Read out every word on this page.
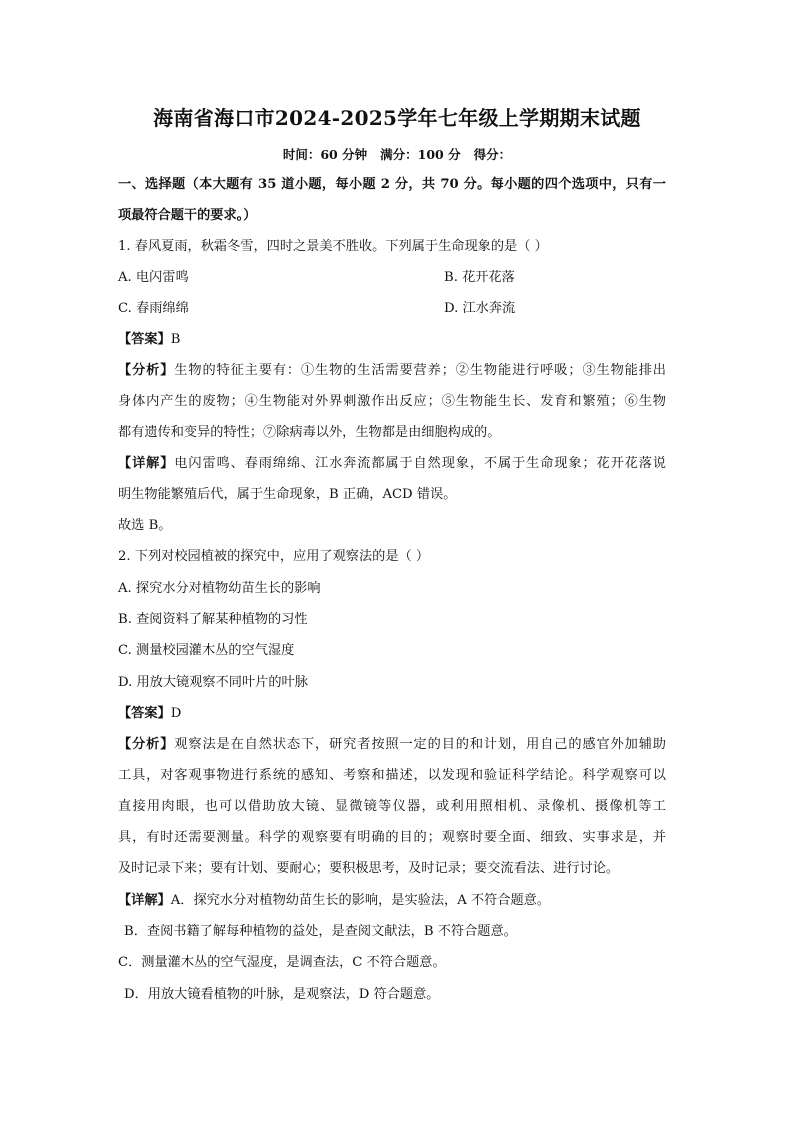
海南省海口市2024-2025学年七年级上学期期末试题
时间：60 分钟   满分：100 分   得分：
一、选择题（本大题有 35 道小题，每小题 2 分，共 70 分。每小题的四个选项中，只有一
项最符合题干的要求。）
1. 春风夏雨，秋霜冬雪，四时之景美不胜收。下列属于生命现象的是（ ）
A. 电闪雷鸣	B. 花开花落
C. 春雨绵绵	D. 江水奔流
【答案】B
【分析】生物的特征主要有：①生物的生活需要营养；②生物能进行呼吸；③生物能排出
身体内产生的废物；④生物能对外界刺激作出反应；⑤生物能生长、发育和繁殖；⑥生物
都有遗传和变异的特性；⑦除病毒以外，生物都是由细胞构成的。
【详解】电闪雷鸣、春雨绵绵、江水奔流都属于自然现象，不属于生命现象；花开花落说
明生物能繁殖后代，属于生命现象，B 正确，ACD 错误。
故选 B。
2. 下列对校园植被的探究中，应用了观察法的是（ ）
A. 探究水分对植物幼苗生长的影响
B. 查阅资料了解某种植物的习性
C. 测量校园灌木丛的空气湿度
D. 用放大镜观察不同叶片的叶脉
【答案】D
【分析】观察法是在自然状态下，研究者按照一定的目的和计划，用自己的感官外加辅助
工具，对客观事物进行系统的感知、考察和描述，以发现和验证科学结论。科学观察可以
直接用肉眼，也可以借助放大镜、显微镜等仪器，或利用照相机、录像机、摄像机等工
具，有时还需要测量。科学的观察要有明确的目的；观察时要全面、细致、实事求是，并
及时记录下来；要有计划、要耐心；要积极思考，及时记录；要交流看法、进行讨论。
【详解】A．探究水分对植物幼苗生长的影响，是实验法，A 不符合题意。
B．查阅书籍了解每种植物的益处，是查阅文献法，B 不符合题意。
C．测量灌木丛的空气湿度，是调查法，C 不符合题意。
D．用放大镜看植物的叶脉，是观察法，D 符合题意。
